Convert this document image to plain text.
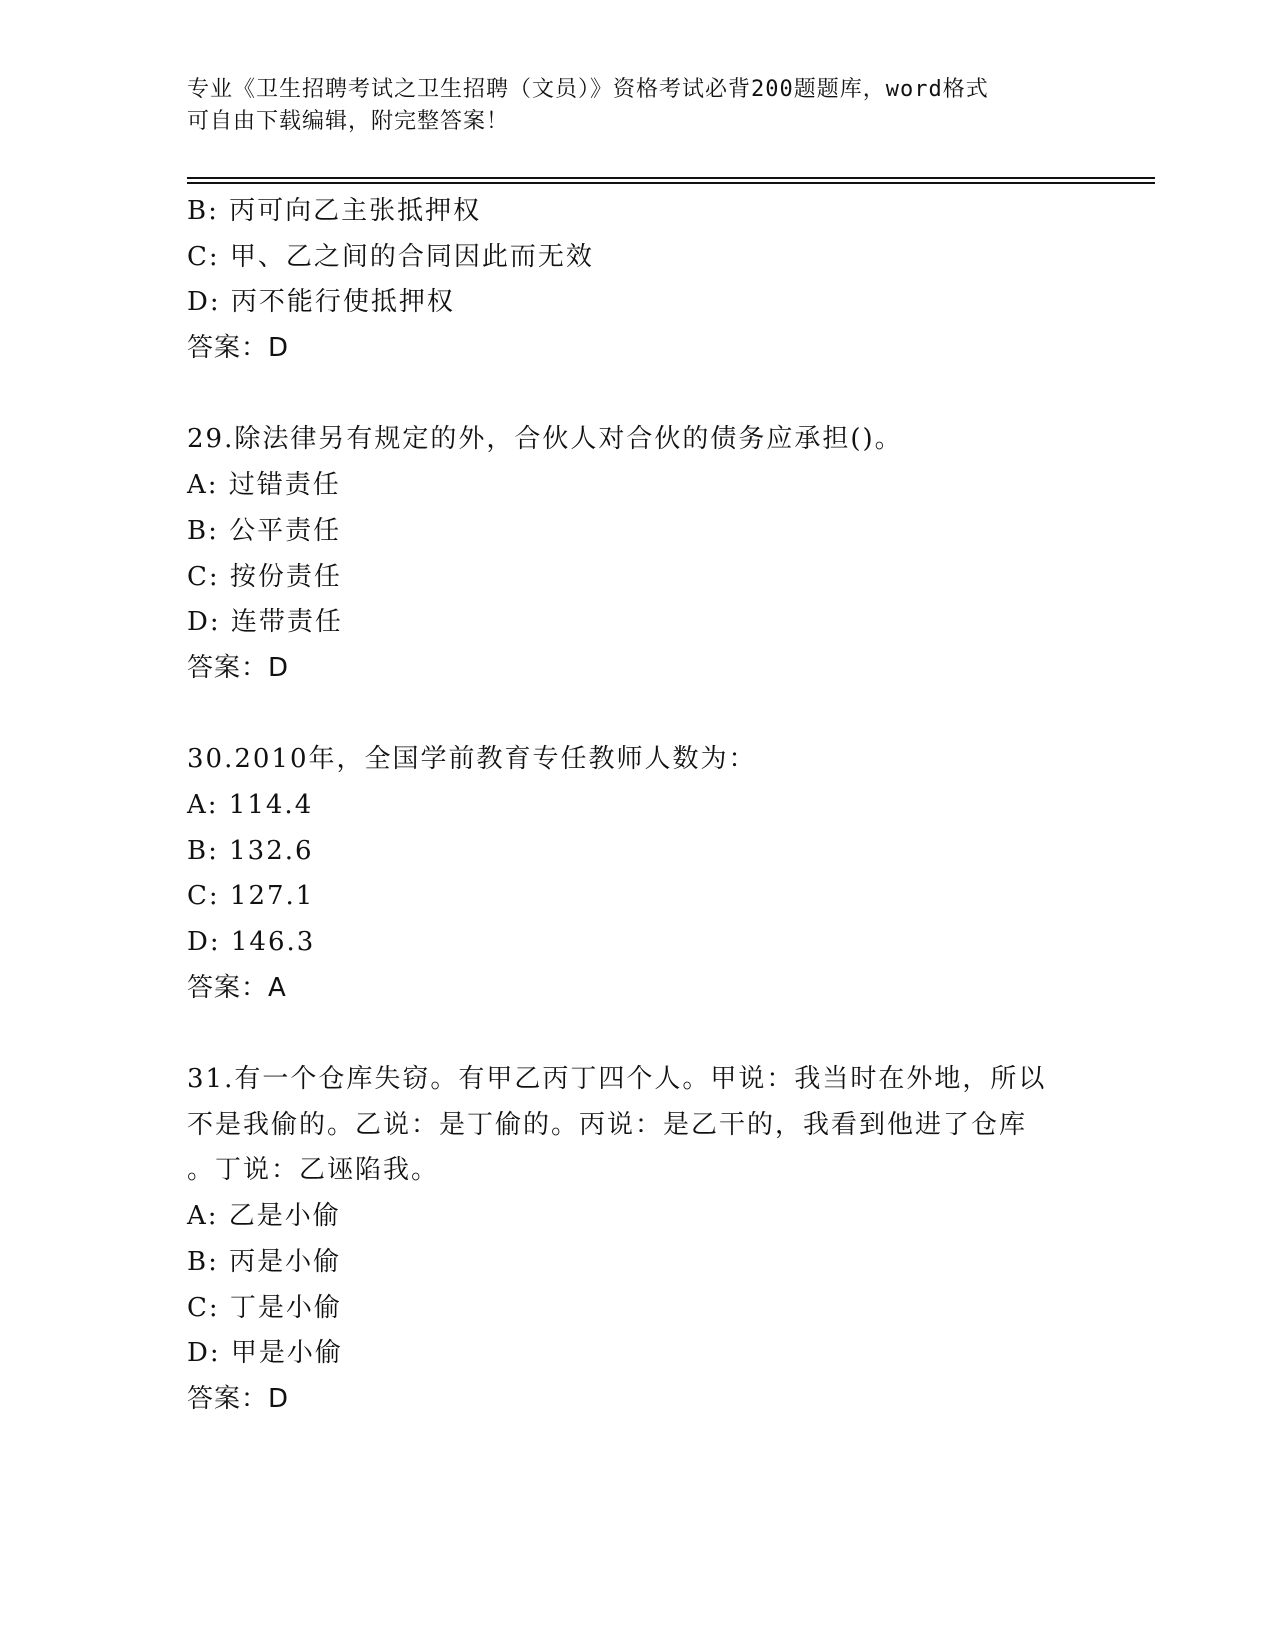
专业《卫生招聘考试之卫生招聘（文员）》资格考试必背200题题库，word格式
可自由下载编辑，附完整答案！
B: 丙可向乙主张抵押权
C: 甲、乙之间的合同因此而无效
D: 丙不能行使抵押权
答案：D
29.除法律另有规定的外，合伙人对合伙的债务应承担()。
A: 过错责任
B: 公平责任
C: 按份责任
D: 连带责任
答案：D
30.2010年，全国学前教育专任教师人数为：
A: 114.4
B: 132.6
C: 127.1
D: 146.3
答案：A
31.有一个仓库失窃。有甲乙丙丁四个人。甲说：我当时在外地，所以
不是我偷的。乙说：是丁偷的。丙说：是乙干的，我看到他进了仓库
。丁说：乙诬陷我。
A: 乙是小偷
B: 丙是小偷
C: 丁是小偷
D: 甲是小偷
答案：D
